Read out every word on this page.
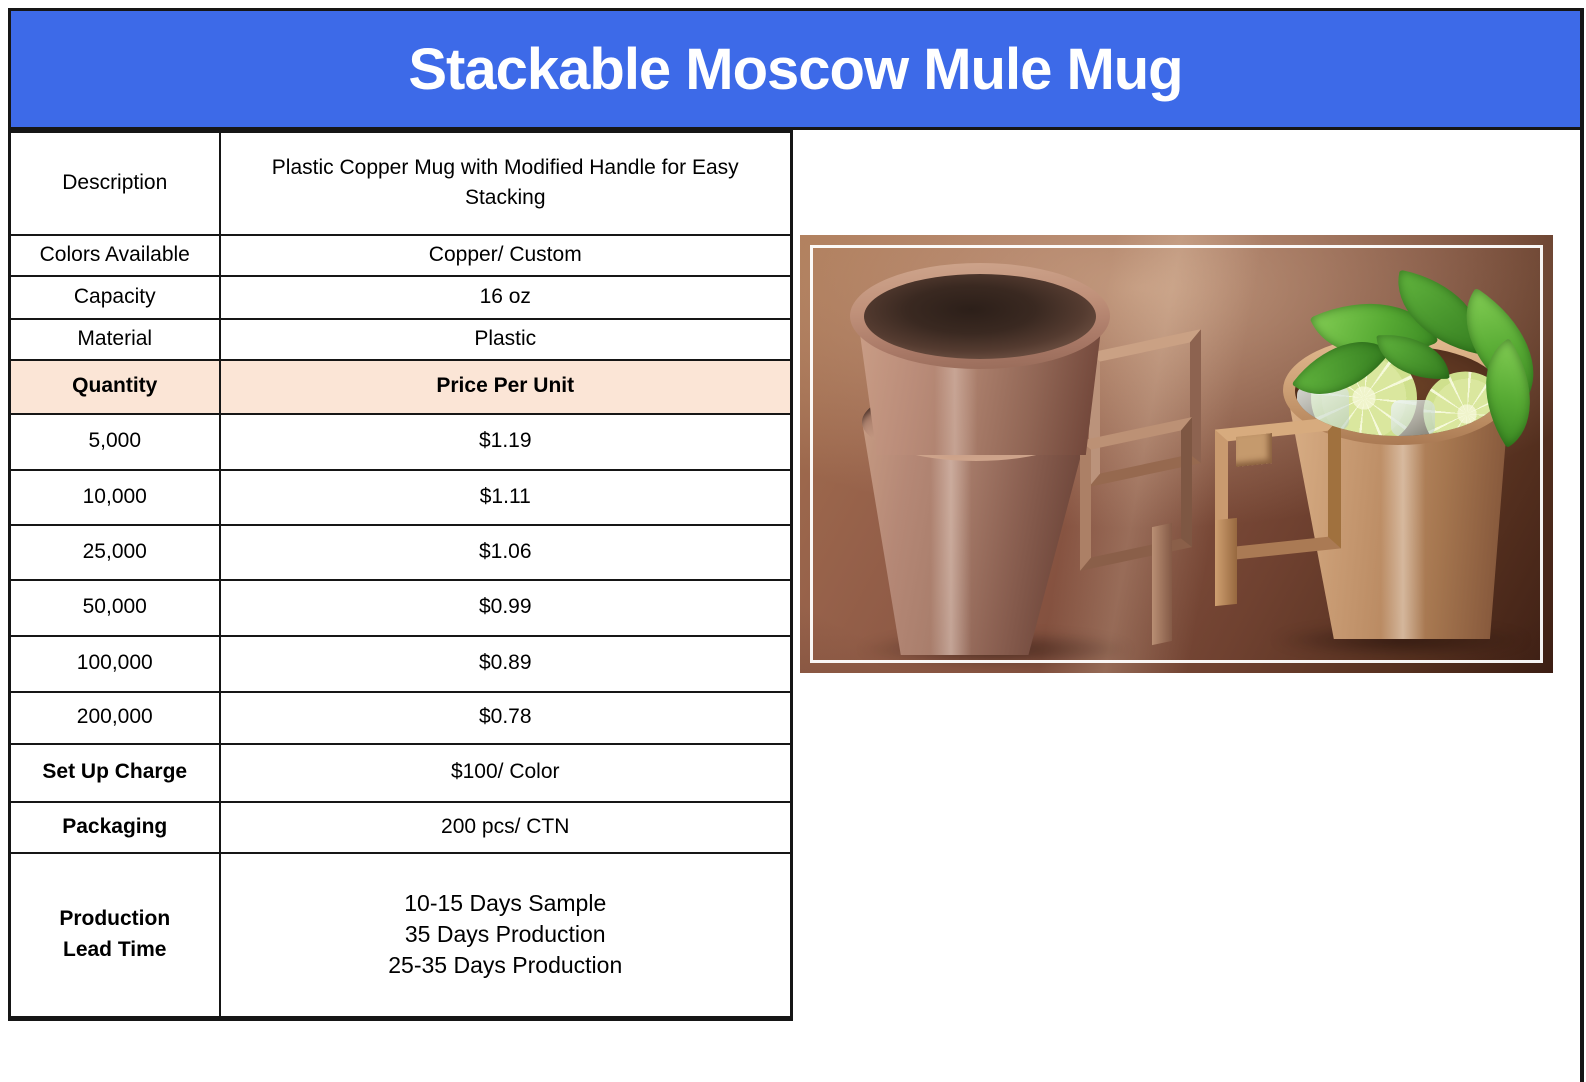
Stackable Moscow Mule Mug
Description	Plastic Copper Mug with Modified Handle for Easy Stacking
Colors Available	Copper/ Custom
Capacity	16 oz
Material	Plastic
Quantity	Price Per Unit
5,000	$1.19
10,000	$1.11
25,000	$1.06
50,000	$0.99
100,000	$0.89
200,000	$0.78
Set Up Charge	$100/ Color
Packaging	200 pcs/ CTN
Production Lead Time	10-15 Days Sample
35 Days Production
25-35 Days Production
